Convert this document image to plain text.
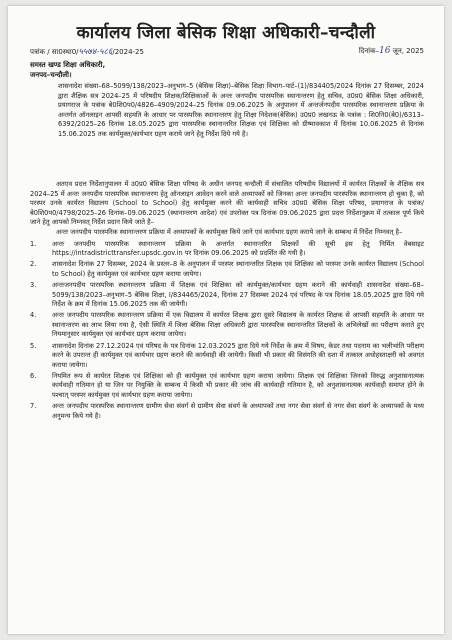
कार्यालय जिला बेसिक शिक्षा अधिकारी–चन्दौली
पत्रांक / सा0स्था0/५५७४-५८६/2024-25	दिनांक–16 जून, 2025
समस्त खण्ड शिक्षा अधिकारी,
जनपद–चन्दौली।
शासनादेश संख्या–68–5099/138/2023–अनुभाग–5 (बेसिक शिक्षा)–बेसिक शिक्षा विभाग–पार्ट–(1)/834405/2024 दिनांक 27 दिसम्बर, 2024 द्वारा शैक्षिक सत्र 2024–25 में परिषदीय शिक्षक/शिक्षिकाओं के अन्तः जनपदीय पारस्परिक स्थानान्तरण हेतु सचिव, उ0प्र0 बेसिक शिक्षा अधिकारी, प्रयागराज के पत्रांक बे0शि0प0/4826–4909/2024–25 दिनांक 09.06.2025 के अनुपालन में अन्तर्जनपदीय पारस्परिक स्थानान्तरण प्रक्रिया के अन्तर्गत ऑनलाइन आपसी सहमति के आधार पर पारस्परिक स्थानान्तरण हेतु शिक्षा निदेशक(बेसिक) उ0प्र0 लखनऊ के पत्रांक : शि0नि0(बे0)/6313–6392/2025–26 दिनांक 18.05.2025 द्वारा पारस्परिक स्थानान्तरित शिक्षक एवं शिक्षिका को ग्रीष्मावकाश में दिनांक 10.06.2025 से दिनांक 15.06.2025 तक कार्यमुक्त/कार्यभार ग्रहण कराये जाने हेतु निर्देश दिये गये है।

अतएव प्रदत्त निर्देशानुपालन में उ0प्र0 बेसिक शिक्षा परिषद के अधीन जनपद चन्दौली में संचालित परिषदीय विद्यालयों में कार्यरत शिक्षकों के शैक्षिक सत्र 2024–25 में अन्तः जनपदीय पारस्परिक स्थानान्तरण हेतु ऑनलाइन आवेदन करने वाले अध्यापकों को जिनका अन्तः जनपदीय पारस्परिक स्थानान्तरण हो चुका है, को परस्पर उनके कार्यरत विद्यालय (School to School) हेतु कार्यमुक्त करने की कार्यवाही सचिव उ0प्र0 बेसिक शिक्षा परिषद, प्रयागराज के पत्रांक/बे0शि0प0/4798/2025–26 दिनांक–09.06.2025 (स्थानान्तरण आदेश) एवं उपरोक्त पत्र दिनांक 09.06.2025 द्वारा प्रदत्त निर्देशानुक्रम में तत्काल पूर्ण किये जाने हेतु आपको निम्नवत् निर्देश प्रदान किये जाते है–

अन्तः जनपदीय पारस्परिक स्थानान्तरण प्रक्रिया में अध्यापकों के कार्यमुक्त किये जाने एवं कार्यभार ग्रहण कराये जाने के सम्बन्ध में निर्देश निम्नवत् है–

1.	अन्तः जनपदीय पारस्परिक स्थानान्तरण प्रक्रिया के अन्तर्गत स्थानान्तरित शिक्षकों की सूची इस हेतु निर्मित वेबसाइट https://intradistricttransfer.upsdc.gov.in पर दिनांक 09.06.2025 को प्रदर्शित की गयी है।
2.	शासनादेश दिनांक 27 दिसम्बर, 2024 के प्रस्तर–8 के अनुपालन में परस्पर स्थानान्तरित शिक्षक एवं शिक्षिका को परस्पर उनके कार्यरत विद्यालय (School to School) हेतु कार्यमुक्त एवं कार्यभार ग्रहण कराया जायेगा।
3.	अन्तःजनपदीय पारस्परिक स्थानान्तरण प्रक्रिया में शिक्षक एवं शिक्षिका को कार्यमुक्त/कार्यभार ग्रहण कराने की कार्यवाही शासनादेश संख्या–68–5099/138/2023–अनुभाग–5 बेसिक शिक्षा, I/834465/2024, दिनांक 27 दिसम्बर 2024 एवं परिषद के पत्र दिनांक 18.05.2025 द्वारा दिये गये निर्देश के क्रम में दिनांक 15.06.2025 तक की जायेगी।
4.	अन्तः जनपदीय पारस्परिक स्थानान्तरण प्रक्रिया में एक विद्यालय में कार्यरत शिक्षक द्वारा दूसरे विद्यालय के कार्यरत शिक्षक से आपसी सहमति के आधार पर स्थानान्तरण का लाभ लिया गया है, ऐसी स्थिति में जिला बेसिक शिक्षा अधिकारी द्वारा पारस्परिक स्थानान्तरित शिक्षकों के अभिलेखों का परीक्षण कराते हुए नियमानुसार कार्यमुक्त एवं कार्यभार ग्रहण कराया जायेगा।
5.	शासनादेश दिनांक 27.12.2024 एवं परिषद के पत्र दिनांक 12.03.2025 द्वारा दिये गये निर्देश के क्रम में विषय, केडर तथा पदनाम का भलीभांति परीक्षण करने के उपरान्त ही कार्यमुक्त एवं कार्यभार ग्रहण कराने की कार्यवाही की जायेगी। किसी भी प्रकार की विसंगति की दशा में तत्काल अधोहस्ताक्षरी को अवगत कराया जायेगा।
6.	नियमित रूप से कार्यरत शिक्षक एवं शिक्षिका को ही कार्यमुक्त एवं कार्यभार ग्रहण कराया जायेगा। शिक्षक एवं शिक्षिका जिनको विरुद्ध अनुशासनात्मक कार्यवाही गतिमान हो या जिन पर नियुक्ति के सम्बन्ध में किसी भी प्रकार की जांच की कार्यवाही गतिमान है, को अनुशासनात्मक कार्यवाही समाप्त होने के पश्चात् परस्पर कार्यमुक्त एवं कार्यभार ग्रहण कराया जायेगा।
7.	अन्तः जनपदीय पारस्परिक स्थानान्तरण ग्रामीण सेवा संवर्ग से ग्रामीण सेवा संवर्ग के अध्यापकों तथा नगर सेवा संवर्ग से नगर सेवा संवर्ग के अध्यापकों के मध्य अनुमन्य किये गये है।
